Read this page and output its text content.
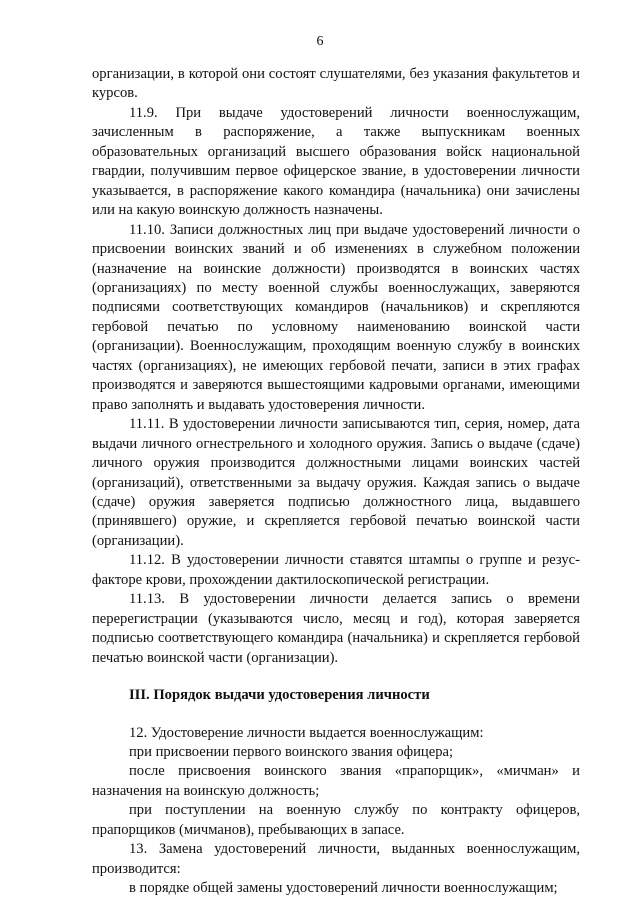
6

организации, в которой они состоят слушателями, без указания факультетов и курсов.

11.9. При выдаче удостоверений личности военнослужащим, зачисленным в распоряжение, а также выпускникам военных образовательных организаций высшего образования войск национальной гвардии, получившим первое офицерское звание, в удостоверении личности указывается, в распоряжение какого командира (начальника) они зачислены или на какую воинскую должность назначены.

11.10. Записи должностных лиц при выдаче удостоверений личности о присвоении воинских званий и об изменениях в служебном положении (назначение на воинские должности) производятся в воинских частях (организациях) по месту военной службы военнослужащих, заверяются подписями соответствующих командиров (начальников) и скрепляются гербовой печатью по условному наименованию воинской части (организации). Военнослужащим, проходящим военную службу в воинских частях (организациях), не имеющих гербовой печати, записи в этих графах производятся и заверяются вышестоящими кадровыми органами, имеющими право заполнять и выдавать удостоверения личности.

11.11. В удостоверении личности записываются тип, серия, номер, дата выдачи личного огнестрельного и холодного оружия. Запись о выдаче (сдаче) личного оружия производится должностными лицами воинских частей (организаций), ответственными за выдачу оружия. Каждая запись о выдаче (сдаче) оружия заверяется подписью должностного лица, выдавшего (принявшего) оружие, и скрепляется гербовой печатью воинской части (организации).

11.12. В удостоверении личности ставятся штампы о группе и резус-факторе крови, прохождении дактилоскопической регистрации.

11.13. В удостоверении личности делается запись о времени перерегистрации (указываются число, месяц и год), которая заверяется подписью соответствующего командира (начальника) и скрепляется гербовой печатью воинской части (организации).

III. Порядок выдачи удостоверения личности

12. Удостоверение личности выдается военнослужащим:

при присвоении первого воинского звания офицера;

после присвоения воинского звания «прапорщик», «мичман» и назначения на воинскую должность;

при поступлении на военную службу по контракту офицеров, прапорщиков (мичманов), пребывающих в запасе.

13. Замена удостоверений личности, выданных военнослужащим, производится:

в порядке общей замены удостоверений личности военнослужащим;
